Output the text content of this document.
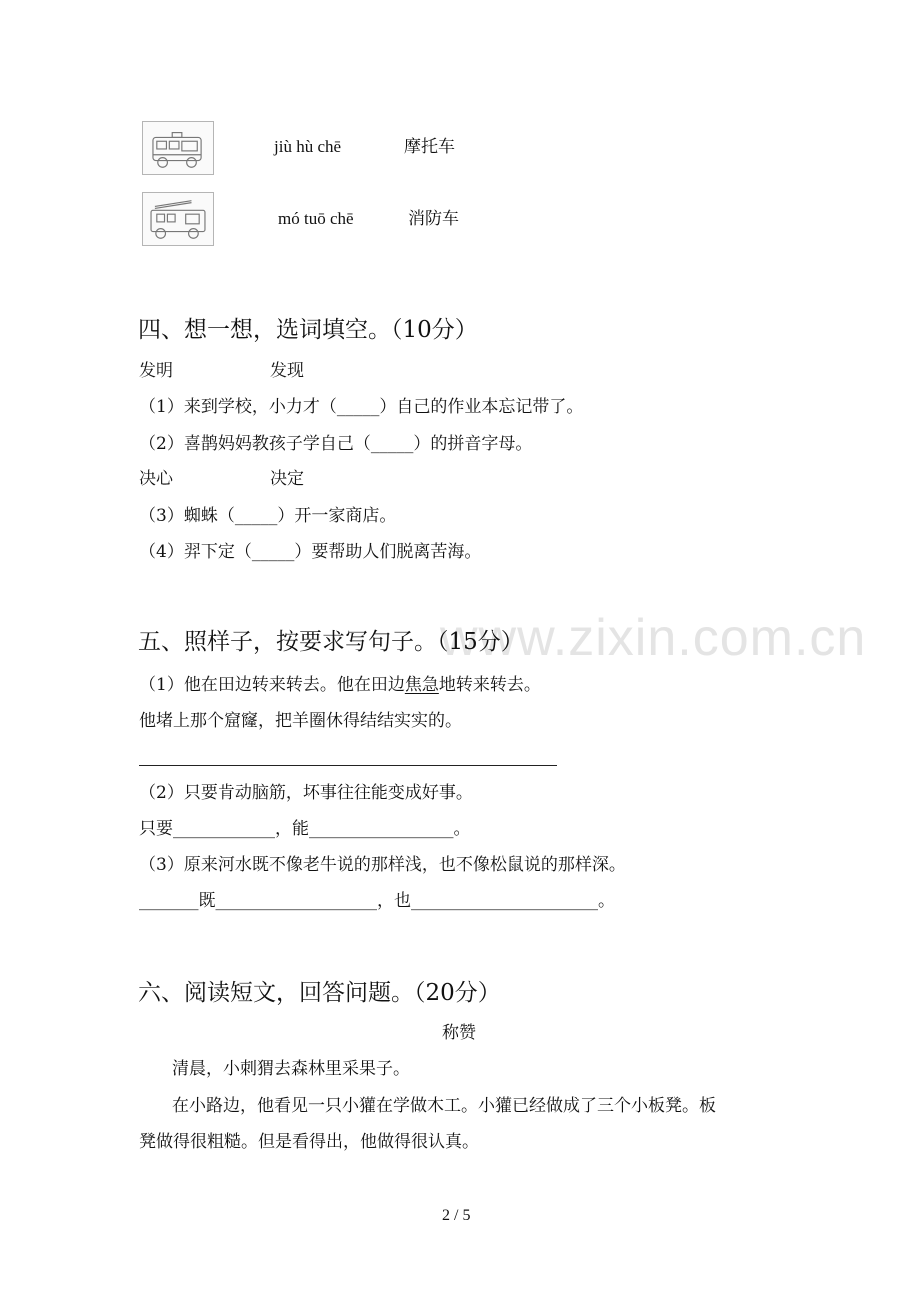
www.zixin.com.cn
jiù hù chē	摩托车
mó tuō chē	消防车
四、想一想，选词填空。（10分）
发明	发现
（1）来到学校，小力才（_____）自己的作业本忘记带了。
（2）喜鹊妈妈教孩子学自己（_____）的拼音字母。
决心	决定
（3）蜘蛛（_____）开一家商店。
（4）羿下定（_____）要帮助人们脱离苦海。
五、照样子，按要求写句子。（15分）
（1）他在田边转来转去。他在田边焦急地转来转去。
他堵上那个窟窿，把羊圈休得结结实实的。
（2）只要肯动脑筋，坏事往往能变成好事。
只要____________，能_________________。
（3）原来河水既不像老牛说的那样浅，也不像松鼠说的那样深。
_______既___________________，也______________________。
六、阅读短文，回答问题。（20分）
称赞
清晨，小刺猬去森林里采果子。
在小路边，他看见一只小獾在学做木工。小獾已经做成了三个小板凳。板
凳做得很粗糙。但是看得出，他做得很认真。
2 / 5
